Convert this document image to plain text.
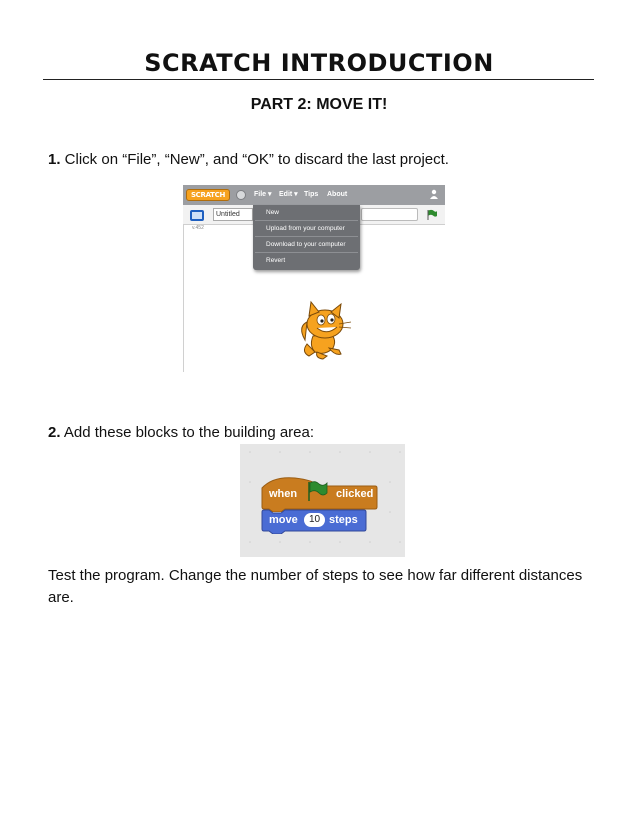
SCRATCH INTRODUCTION
PART 2: MOVE IT!
1. Click on “File”, “New”, and “OK” to discard the last project.
SCRATCH	File ▾ Edit ▾ Tips About
Untitled
v.452
New
Upload from your computer
Download to your computer
Revert
2. Add these blocks to the building area:
when	clicked
move	10 steps
Test the program. Change the number of steps to see how far different distances are.
